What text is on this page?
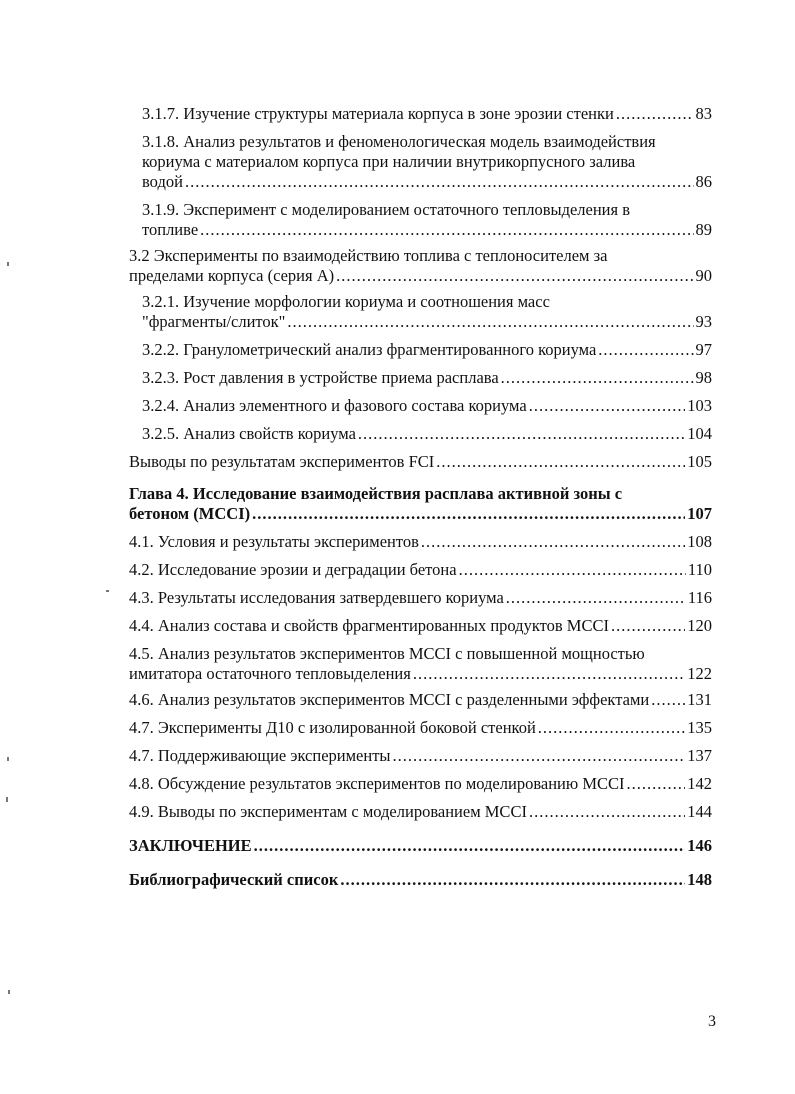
3.1.7. Изучение структуры материала корпуса в зоне эрозии стенки .....	83
3.1.8. Анализ результатов и феноменологическая модель взаимодействия кориума с материалом корпуса при наличии внутрикорпусного залива
водой .....	86
3.1.9. Эксперимент с моделированием остаточного тепловыделения в
топливе .....	89
3.2 Эксперименты по взаимодействию топлива с теплоносителем за
пределами корпуса (серия А) .....	90
3.2.1. Изучение морфологии кориума и соотношения масс
"фрагменты/слиток" .....	93
3.2.2. Гранулометрический анализ фрагментированного кориума .....	97
3.2.3. Рост давления в устройстве приема расплава .....	98
3.2.4. Анализ элементного и фазового состава кориума .....	103
3.2.5. Анализ свойств кориума .....	104
Выводы по результатам экспериментов FCI .....	105
Глава 4. Исследование взаимодействия расплава активной зоны с
бетоном (MCCI) .....	107
4.1. Условия и результаты экспериментов .....	108
4.2. Исследование эрозии и деградации бетона .....	110
4.3. Результаты исследования затвердевшего кориума .....	116
4.4. Анализ состава и свойств фрагментированных продуктов MCCI .....	120
4.5. Анализ результатов экспериментов MCCI с повышенной мощностью
имитатора остаточного тепловыделения .....	122
4.6. Анализ результатов экспериментов MCCI с разделенными эффектами ..... 131
4.7. Эксперименты Д10 с изолированной боковой стенкой .....	135
4.7. Поддерживающие эксперименты .....	137
4.8. Обсуждение результатов экспериментов по моделированию MCCI .....	142
4.9. Выводы по экспериментам с моделированием MCCI .....	144
ЗАКЛЮЧЕНИЕ .....	146
Библиографический список .....	148
3
